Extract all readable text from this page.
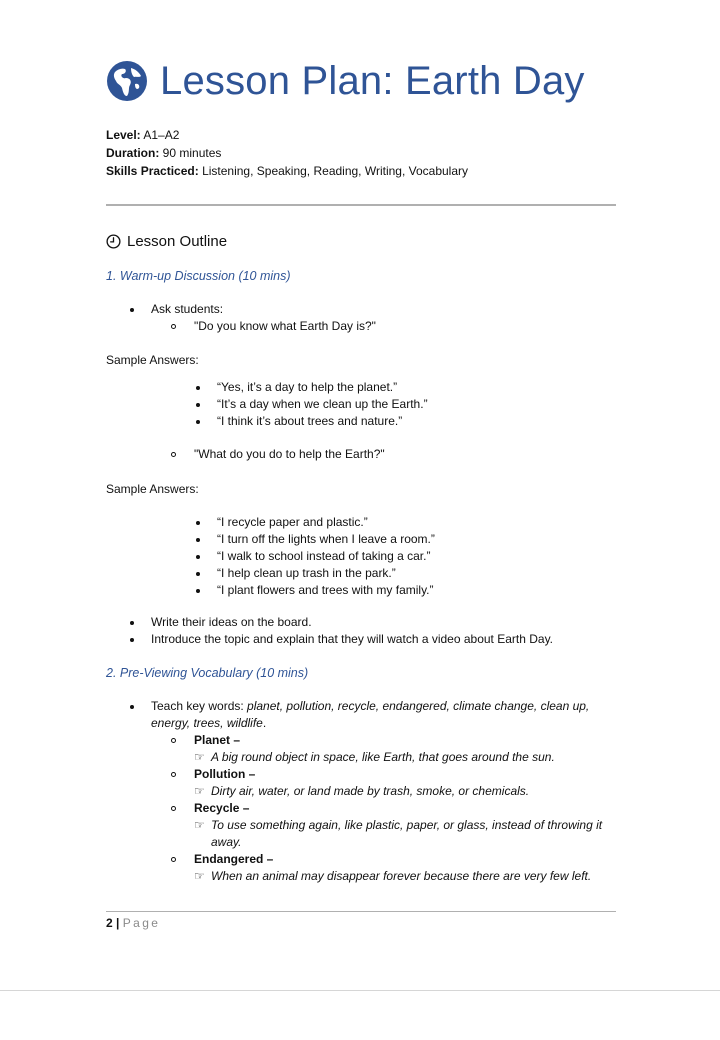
Lesson Plan: Earth Day
Level: A1–A2
Duration: 90 minutes
Skills Practiced: Listening, Speaking, Reading, Writing, Vocabulary
Lesson Outline
1. Warm-up Discussion (10 mins)
Ask students:
"Do you know what Earth Day is?"
Sample Answers:
“Yes, it’s a day to help the planet.”
“It’s a day when we clean up the Earth.”
“I think it’s about trees and nature.”
"What do you do to help the Earth?"
Sample Answers:
“I recycle paper and plastic.”
“I turn off the lights when I leave a room.”
“I walk to school instead of taking a car.”
“I help clean up trash in the park.”
“I plant flowers and trees with my family.”
Write their ideas on the board.
Introduce the topic and explain that they will watch a video about Earth Day.
2. Pre-Viewing Vocabulary (10 mins)
Teach key words: planet, pollution, recycle, endangered, climate change, clean up, energy, trees, wildlife.
Planet –
☞ A big round object in space, like Earth, that goes around the sun.
Pollution –
☞ Dirty air, water, or land made by trash, smoke, or chemicals.
Recycle –
☞ To use something again, like plastic, paper, or glass, instead of throwing it away.
Endangered –
☞ When an animal may disappear forever because there are very few left.
2 | Page
